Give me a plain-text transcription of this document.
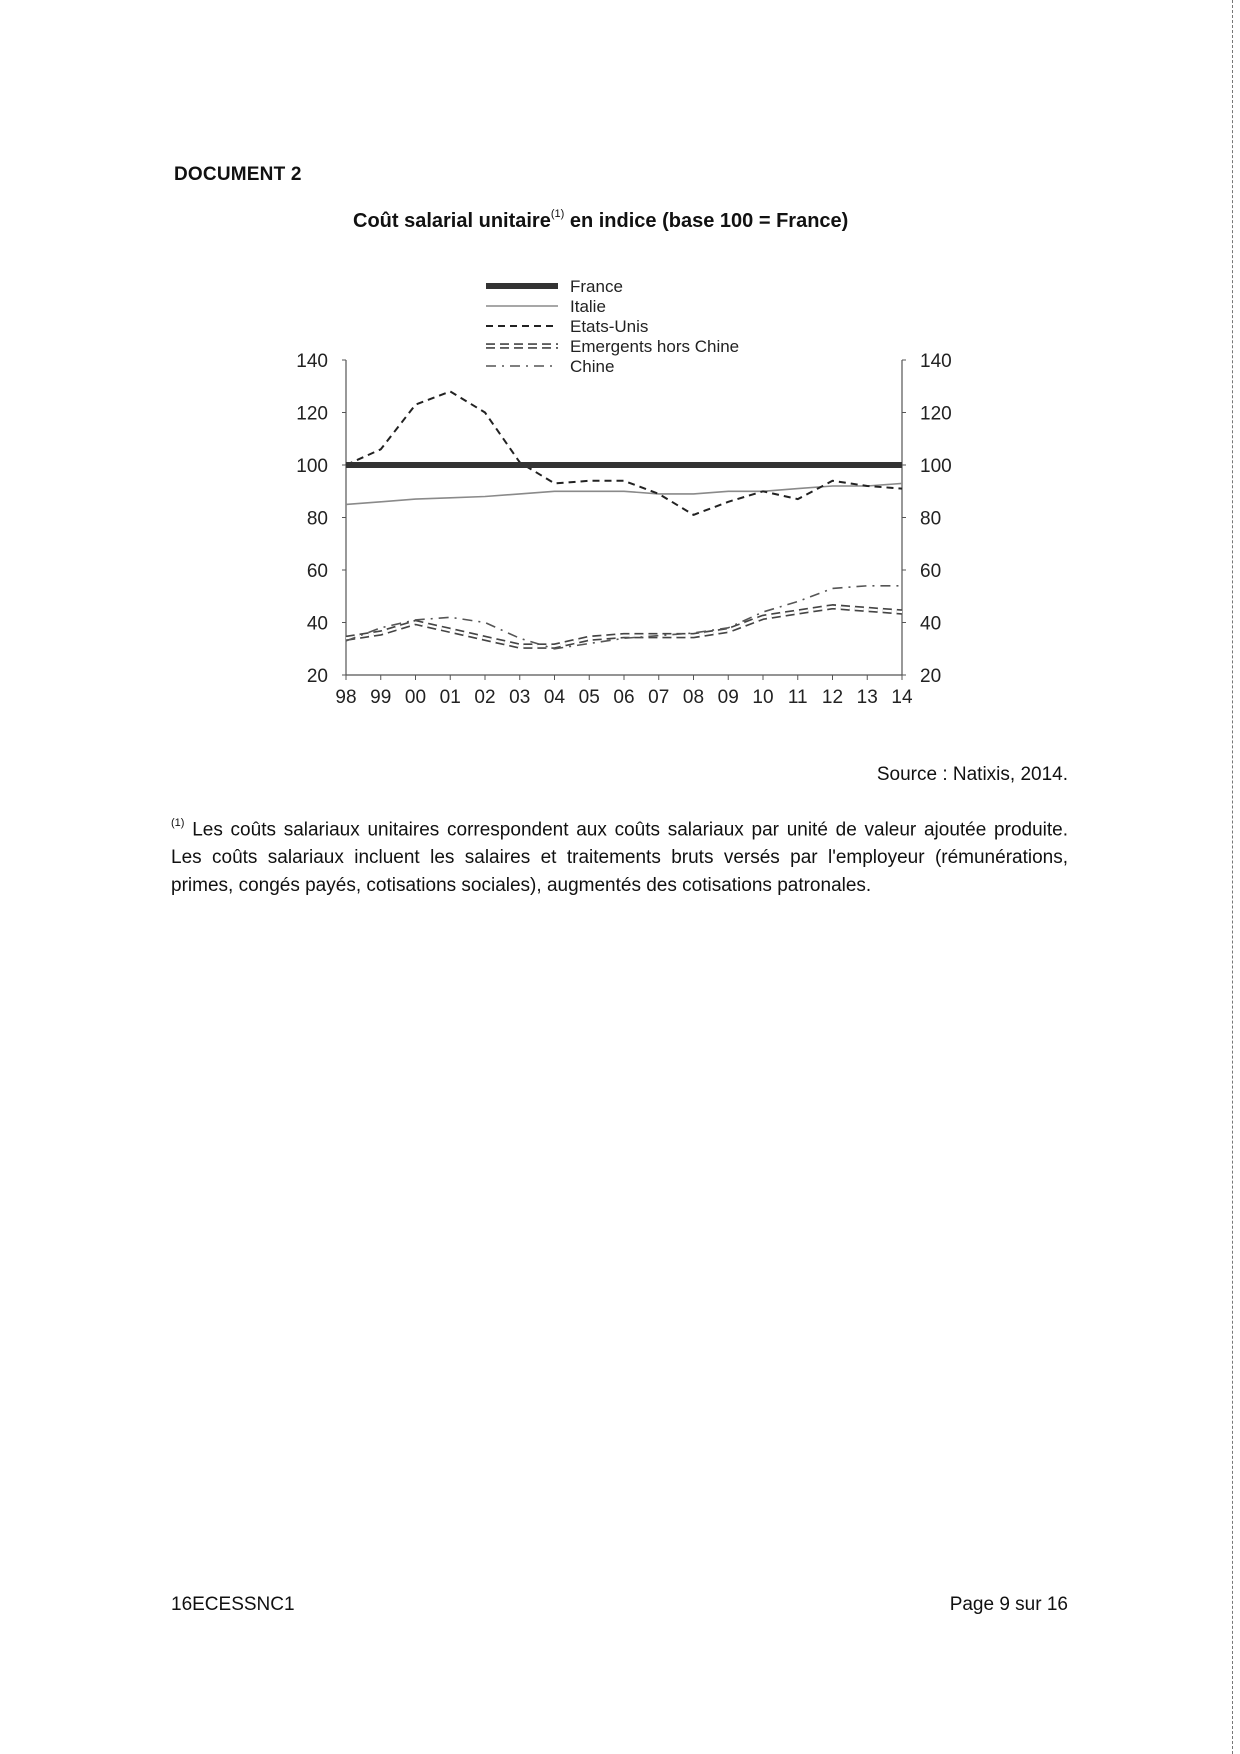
DOCUMENT 2
Coût salarial unitaire$^{(1)}$ en indice (base 100 = France)
20	20
40	40
60	60
80	80
100	100
120	120
140	140
98 99 00 01 02 03 04 05 06 07 08 09 10 11 12 13 14
France
Italie
Etats-Unis
Emergents hors Chine
Chine
Source : Natixis, 2014.
$^{(1)}$ Les coûts salariaux unitaires correspondent aux coûts salariaux par unité de valeur ajoutée produite. Les coûts salariaux incluent les salaires et traitements bruts versés par l'employeur (rémunérations, primes, congés payés, cotisations sociales), augmentés des cotisations patronales.
16ECESSNC1	Page 9 sur 16
